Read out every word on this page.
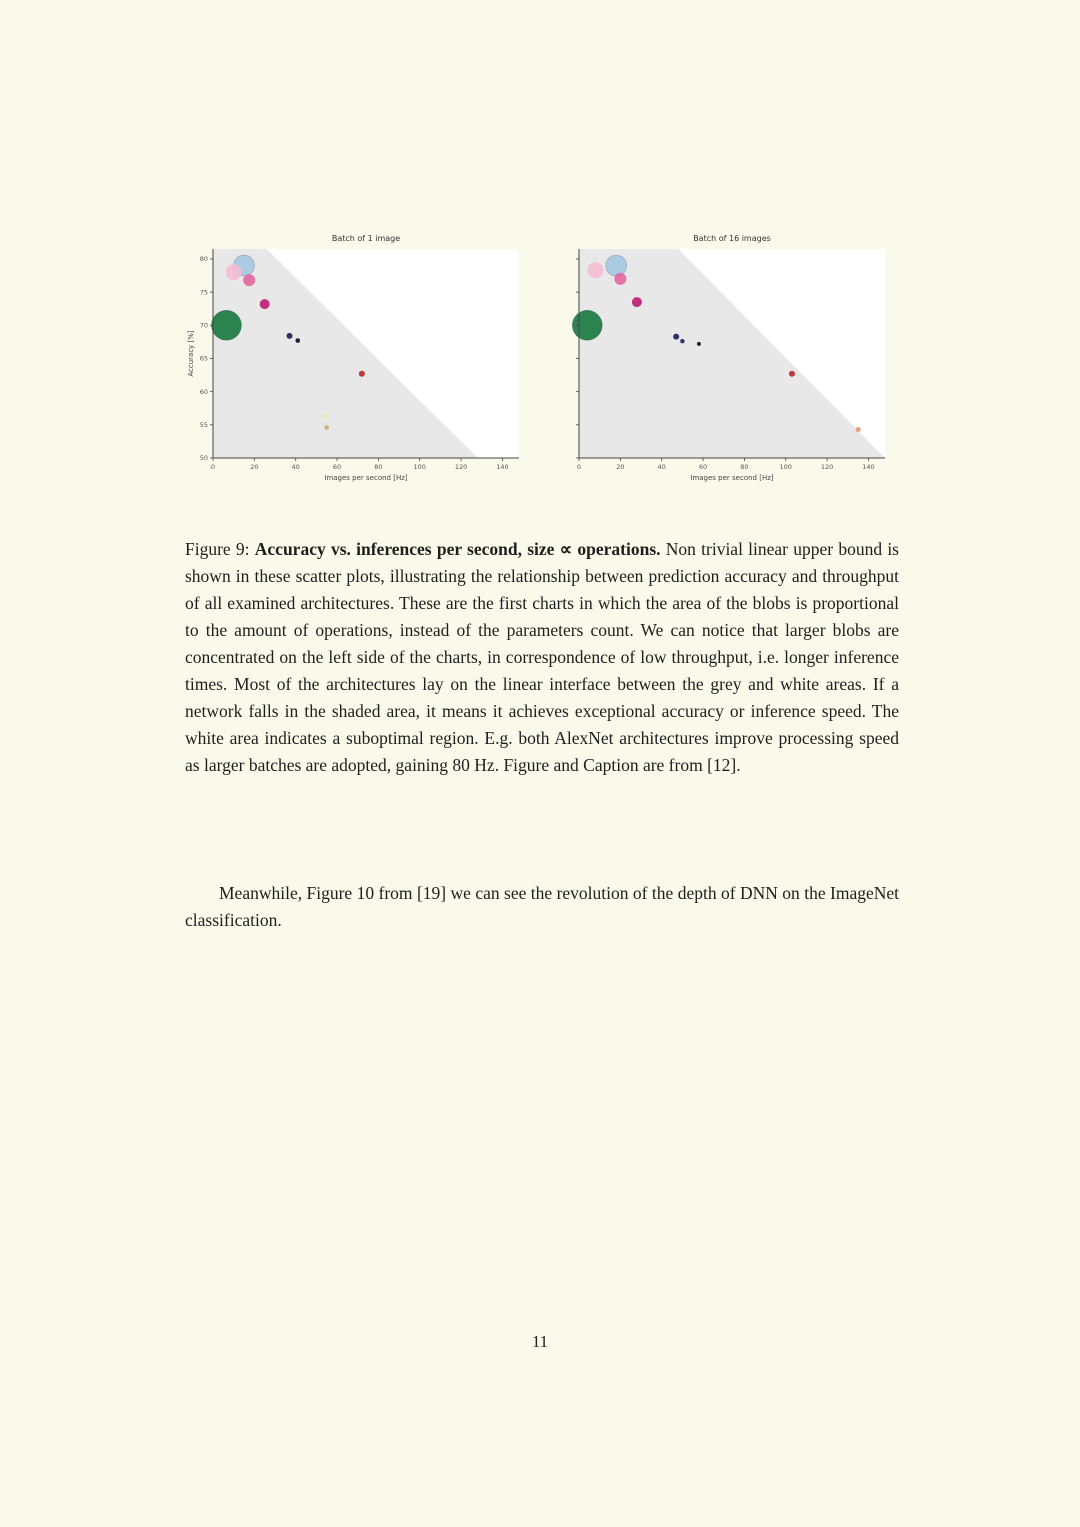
0	20	40	60	80	100	120	140
50
55
60
65
70
75
80
Batch of 1 image
Images per second [Hz]
Accuracy [%]
0	20	40	60	80	100	120	140
Batch of 16 images
Images per second [Hz]

Figure 9: Accuracy vs. inferences per second, size ∝ operations. Non trivial linear upper bound is shown in these scatter plots, illustrating the relationship between prediction accuracy and throughput of all examined architectures. These are the first charts in which the area of the blobs is proportional to the amount of operations, instead of the parameters count. We can notice that larger blobs are concentrated on the left side of the charts, in correspondence of low throughput, i.e. longer inference times. Most of the architectures lay on the linear interface between the grey and white areas. If a network falls in the shaded area, it means it achieves exceptional accuracy or inference speed. The white area indicates a suboptimal region. E.g. both AlexNet architectures improve processing speed as larger batches are adopted, gaining 80 Hz. Figure and Caption are from [12].

Meanwhile, Figure 10 from [19] we can see the revolution of the depth of DNN on the ImageNet classification.

11
